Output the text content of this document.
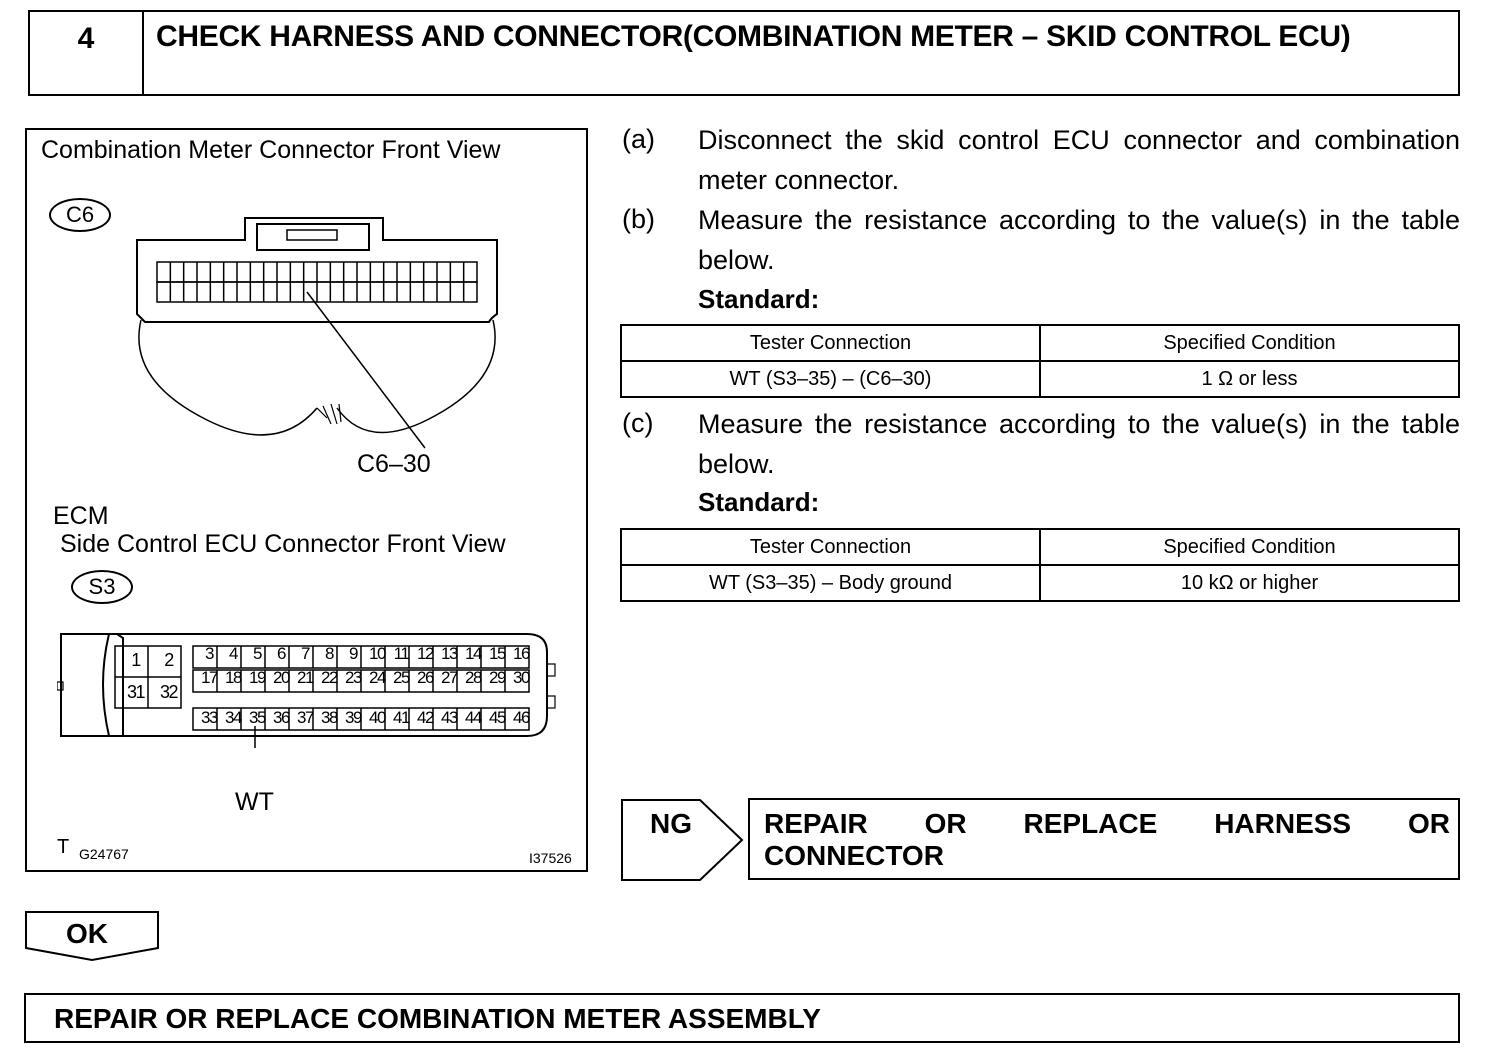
4	CHECK HARNESS AND CONNECTOR(COMBINATION METER – SKID CONTROL ECU)
Combination Meter Connector Front View
C6
C6–30
ECM
Side Control ECU Connector Front View
S3
1	2
31 32
3 4 5 6 7 8 9 10 11 12 13 14 15 16
17 18 19 20 21 22 23 24 25 26 27 28 29 30
33 34 35 36 37 38 39 40 41 42 43 44 45 46
WT
T G24767	I37526
(a) Disconnect the skid control ECU connector and combination meter connector.
(b) Measure the resistance according to the value(s) in the table below.
Standard:
Tester Connection	Specified Condition
WT (S3–35) – (C6–30)	1 Ω or less
(c) Measure the resistance according to the value(s) in the table below.
Standard:
Tester Connection	Specified Condition
WT (S3–35) – Body ground	10 kΩ or higher
NG	REPAIR OR REPLACE HARNESS OR
CONNECTOR
OK
REPAIR OR REPLACE COMBINATION METER ASSEMBLY
